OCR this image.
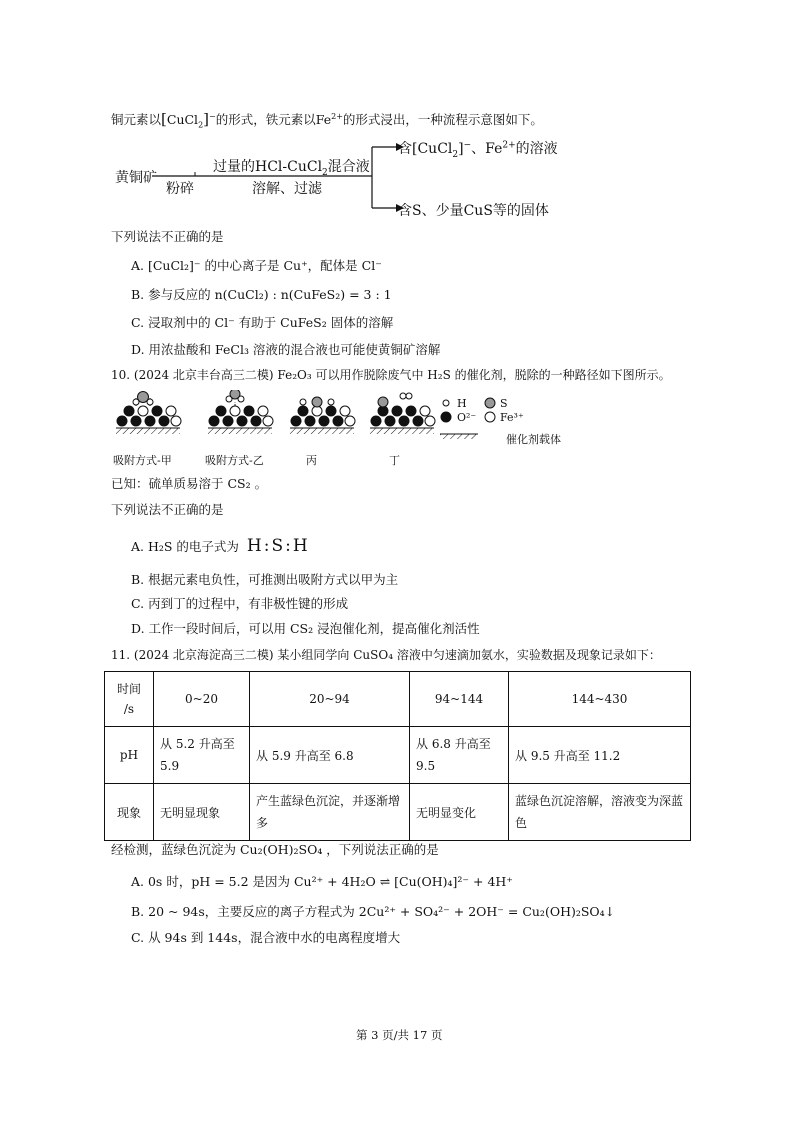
铜元素以[CuCl$_2$]−的形式，铁元素以$Fe^{2+}$的形式浸出，一种流程示意图如下。
黄铜矿
粉碎
过量的HCl-CuCl$_2$混合液
溶解、过滤
含[CuCl$_2$]−、$Fe^{2+}$的溶液
含S、少量CuS等的固体
下列说法不正确的是
A. [CuCl₂]⁻ 的中心离子是 Cu⁺，配体是 Cl⁻
B. 参与反应的 n(CuCl₂) : n(CuFeS₂) = 3 : 1
C. 浸取剂中的 Cl⁻ 有助于 CuFeS₂ 固体的溶解
D. 用浓盐酸和 FeCl₃ 溶液的混合液也可能使黄铜矿溶解
10. (2024 北京丰台高三二模) Fe₂O₃ 可以用作脱除废气中 H₂S 的催化剂，脱除的一种路径如下图所示。
H	S
O²⁻ Fe³⁺
催化剂载体
吸附方式-甲	吸附方式-乙	丙	丁
已知：硫单质易溶于 CS₂ 。
下列说法不正确的是
A. H₂S 的电子式为 H:S:H
B. 根据元素电负性，可推测出吸附方式以甲为主
C. 丙到丁的过程中，有非极性键的形成
D. 工作一段时间后，可以用 CS₂ 浸泡催化剂，提高催化剂活性
11. (2024 北京海淀高三二模) 某小组同学向 CuSO₄ 溶液中匀速滴加氨水，实验数据及现象记录如下：
时间
/s	0~20	20~94	94~144	144~430
pH	从 5.2 升高至 5.9	从 5.9 升高至 6.8	从 6.8 升高至 9.5	从 9.5 升高至 11.2
现象	无明显现象	产生蓝绿色沉淀，并逐渐增多	无明显变化	蓝绿色沉淀溶解，溶液变为深蓝色
经检测，蓝绿色沉淀为 Cu₂(OH)₂SO₄ ，下列说法正确的是
A. 0s 时，pH = 5.2 是因为 Cu²⁺ + 4H₂O ⇌ [Cu(OH)₄]²⁻ + 4H⁺
B. 20 ~ 94s，主要反应的离子方程式为 2Cu²⁺ + SO₄²⁻ + 2OH⁻ = Cu₂(OH)₂SO₄↓
C. 从 94s 到 144s，混合液中水的电离程度增大
第 3 页/共 17 页
